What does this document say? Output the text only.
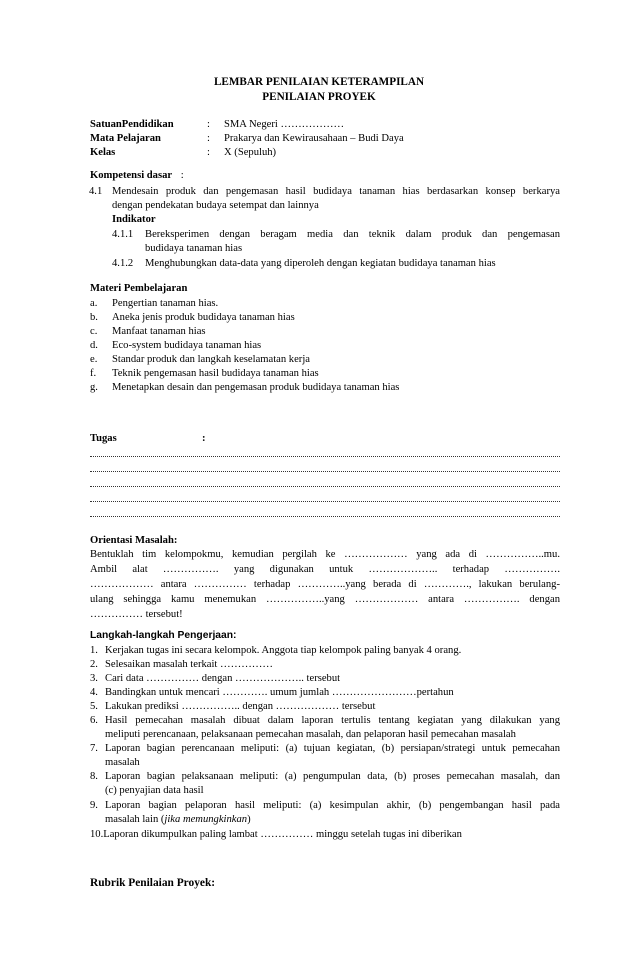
LEMBAR PENILAIAN KETERAMPILAN
PENILAIAN PROYEK
SatuanPendidikan	: SMA Negeri ………………
Mata Pelajaran	: Prakarya dan Kewirausahaan – Budi Daya
Kelas	: X (Sepuluh)
Kompetensi dasar :
4.1 Mendesain produk dan pengemasan hasil budidaya tanaman hias berdasarkan konsep berkarya
dengan pendekatan budaya setempat dan lainnya
Indikator
4.1.1 Bereksperimen dengan beragam media dan teknik dalam produk dan pengemasan
budidaya tanaman hias
4.1.2 Menghubungkan data-data yang diperoleh dengan kegiatan budidaya tanaman hias
Materi Pembelajaran
a. Pengertian tanaman hias.
b. Aneka jenis produk budidaya tanaman hias
c. Manfaat tanaman hias
d. Eco-system budidaya tanaman hias
e. Standar produk dan langkah keselamatan kerja
f. Teknik pengemasan hasil budidaya tanaman hias
g. Menetapkan desain dan pengemasan produk budidaya tanaman hias
Tugas	:
Orientasi Masalah:
Bentuklah tim kelompokmu, kemudian pergilah ke ……………… yang ada di ……………..mu.
Ambil alat ……………. yang digunakan untuk ……………….. terhadap …………….
……………… antara …………… terhadap …………..yang berada di …………., lakukan berulang-
ulang sehingga kamu menemukan ……………..yang ……………… antara ……………. dengan
…………… tersebut!
Langkah-langkah Pengerjaan:
1. Kerjakan tugas ini secara kelompok. Anggota tiap kelompok paling banyak 4 orang.
2. Selesaikan masalah terkait ……………
3. Cari data …………… dengan ……………….. tersebut
4. Bandingkan untuk mencari …………. umum jumlah ……………………pertahun
5. Lakukan prediksi …………….. dengan ……………… tersebut
6. Hasil pemecahan masalah dibuat dalam laporan tertulis tentang kegiatan yang dilakukan yang
meliputi perencanaan, pelaksanaan pemecahan masalah, dan pelaporan hasil pemecahan masalah
7. Laporan bagian perencanaan meliputi: (a) tujuan kegiatan, (b) persiapan/strategi untuk pemecahan
masalah
8. Laporan bagian pelaksanaan meliputi: (a) pengumpulan data, (b) proses pemecahan masalah, dan
(c) penyajian data hasil
9. Laporan bagian pelaporan hasil meliputi: (a) kesimpulan akhir, (b) pengembangan hasil pada
masalah lain (jika memungkinkan)
10.Laporan dikumpulkan paling lambat …………… minggu setelah tugas ini diberikan
Rubrik Penilaian Proyek:
